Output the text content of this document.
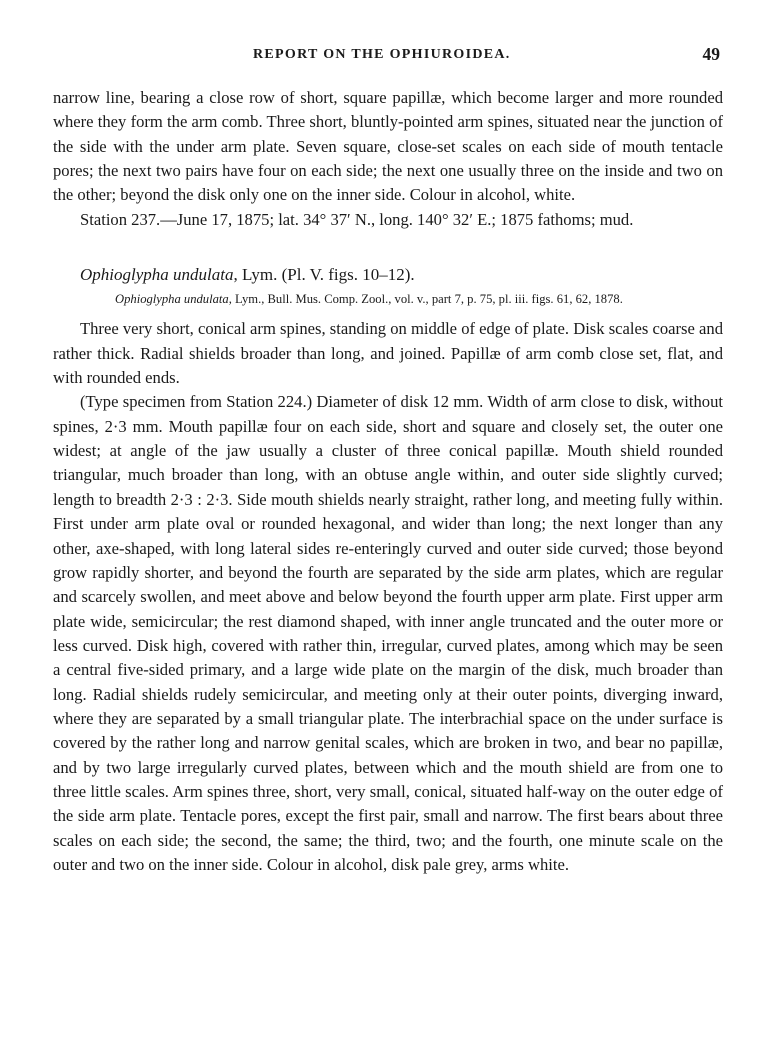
REPORT ON THE OPHIUROIDEA.	49

narrow line, bearing a close row of short, square papillæ, which become larger and more rounded where they form the arm comb. Three short, bluntly-pointed arm spines, situated near the junction of the side with the under arm plate. Seven square, close-set scales on each side of mouth tentacle pores; the next two pairs have four on each side; the next one usually three on the inside and two on the other; beyond the disk only one on the inner side. Colour in alcohol, white.

Station 237.—June 17, 1875; lat. 34° 37′ N., long. 140° 32′ E.; 1875 fathoms; mud.

Ophioglypha undulata, Lym. (Pl. V. figs. 10–12).

Ophioglypha undulata, Lym., Bull. Mus. Comp. Zool., vol. v., part 7, p. 75, pl. iii. figs. 61, 62, 1878.

Three very short, conical arm spines, standing on middle of edge of plate. Disk scales coarse and rather thick. Radial shields broader than long, and joined. Papillæ of arm comb close set, flat, and with rounded ends.

(Type specimen from Station 224.) Diameter of disk 12 mm. Width of arm close to disk, without spines, 2·3 mm. Mouth papillæ four on each side, short and square and closely set, the outer one widest; at angle of the jaw usually a cluster of three conical papillæ. Mouth shield rounded triangular, much broader than long, with an obtuse angle within, and outer side slightly curved; length to breadth 2·3 : 2·3. Side mouth shields nearly straight, rather long, and meeting fully within. First under arm plate oval or rounded hexagonal, and wider than long; the next longer than any other, axe-shaped, with long lateral sides re-enteringly curved and outer side curved; those beyond grow rapidly shorter, and beyond the fourth are separated by the side arm plates, which are regular and scarcely swollen, and meet above and below beyond the fourth upper arm plate. First upper arm plate wide, semicircular; the rest diamond shaped, with inner angle truncated and the outer more or less curved. Disk high, covered with rather thin, irregular, curved plates, among which may be seen a central five-sided primary, and a large wide plate on the margin of the disk, much broader than long. Radial shields rudely semicircular, and meeting only at their outer points, diverging inward, where they are separated by a small triangular plate. The interbrachial space on the under surface is covered by the rather long and narrow genital scales, which are broken in two, and bear no papillæ, and by two large irregularly curved plates, between which and the mouth shield are from one to three little scales. Arm spines three, short, very small, conical, situated half-way on the outer edge of the side arm plate. Tentacle pores, except the first pair, small and narrow. The first bears about three scales on each side; the second, the same; the third, two; and the fourth, one minute scale on the outer and two on the inner side. Colour in alcohol, disk pale grey, arms white.
